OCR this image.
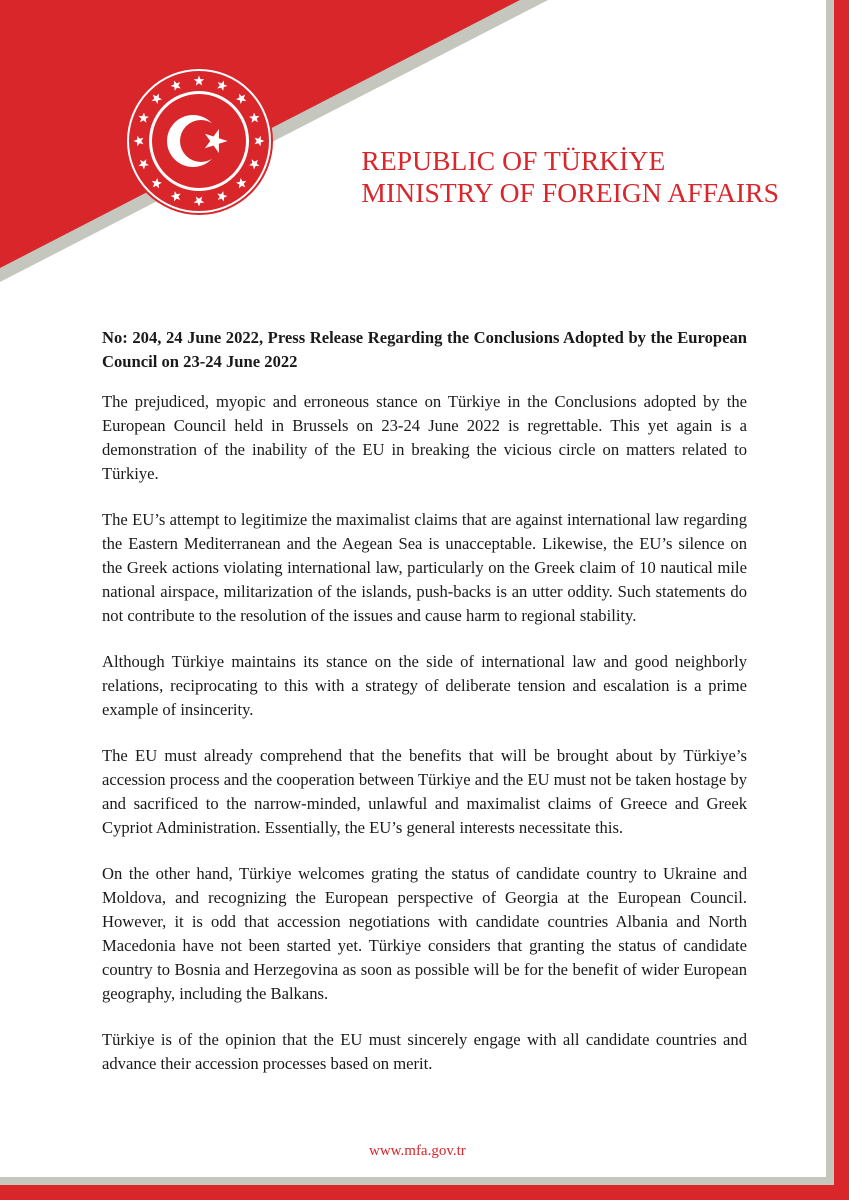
REPUBLIC OF TÜRKİYE
MINISTRY OF FOREIGN AFFAIRS
No: 204, 24 June 2022, Press Release Regarding the Conclusions Adopted by the European Council on 23-24 June 2022

The prejudiced, myopic and erroneous stance on Türkiye in the Conclusions adopted by the European Council held in Brussels on 23-24 June 2022 is regrettable. This yet again is a demonstration of the inability of the EU in breaking the vicious circle on matters related to Türkiye.

The EU’s attempt to legitimize the maximalist claims that are against international law regarding the Eastern Mediterranean and the Aegean Sea is unacceptable. Likewise, the EU’s silence on the Greek actions violating international law, particularly on the Greek claim of 10 nautical mile national airspace, militarization of the islands, push-backs is an utter oddity. Such statements do not contribute to the resolution of the issues and cause harm to regional stability.

Although Türkiye maintains its stance on the side of international law and good neighborly relations, reciprocating to this with a strategy of deliberate tension and escalation is a prime example of insincerity.

The EU must already comprehend that the benefits that will be brought about by Türkiye’s accession process and the cooperation between Türkiye and the EU must not be taken hostage by and sacrificed to the narrow-minded, unlawful and maximalist claims of Greece and Greek Cypriot Administration. Essentially, the EU’s general interests necessitate this.

On the other hand, Türkiye welcomes grating the status of candidate country to Ukraine and Moldova, and recognizing the European perspective of Georgia at the European Council. However, it is odd that accession negotiations with candidate countries Albania and North Macedonia have not been started yet. Türkiye considers that granting the status of candidate country to Bosnia and Herzegovina as soon as possible will be for the benefit of wider European geography, including the Balkans.

Türkiye is of the opinion that the EU must sincerely engage with all candidate countries and advance their accession processes based on merit.

www.mfa.gov.tr
